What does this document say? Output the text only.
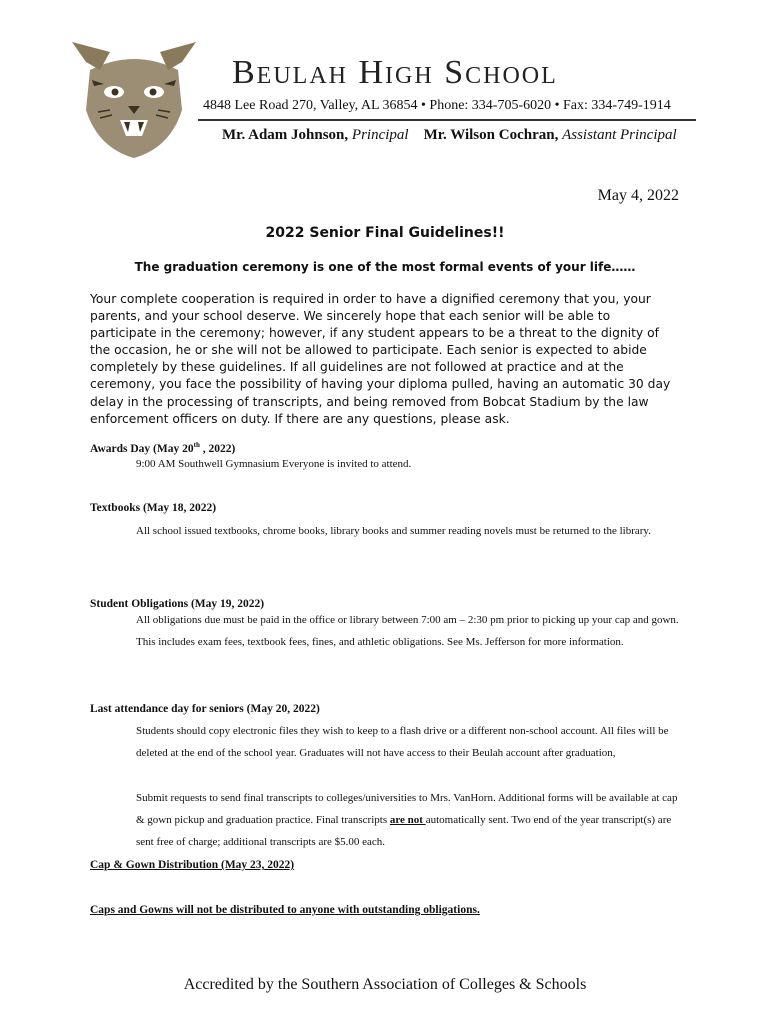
Beulah High School
4848 Lee Road 270, Valley, AL 36854 • Phone: 334-705-6020 • Fax: 334-749-1914
Mr. Adam Johnson, Principal Mr. Wilson Cochran, Assistant Principal
May 4, 2022
2022 Senior Final Guidelines!!
The graduation ceremony is one of the most formal events of your life……
Your complete cooperation is required in order to have a dignified ceremony that you, your parents, and your school deserve. We sincerely hope that each senior will be able to participate in the ceremony; however, if any student appears to be a threat to the dignity of the occasion, he or she will not be allowed to participate. Each senior is expected to abide completely by these guidelines. If all guidelines are not followed at practice and at the ceremony, you face the possibility of having your diploma pulled, having an automatic 30 day delay in the processing of transcripts, and being removed from Bobcat Stadium by the law enforcement officers on duty. If there are any questions, please ask.
Awards Day (May 20th , 2022)
9:00 AM Southwell Gymnasium Everyone is invited to attend.
Textbooks (May 18, 2022)
All school issued textbooks, chrome books, library books and summer reading novels must be returned to the library.
Student Obligations (May 19, 2022)
All obligations due must be paid in the office or library between 7:00 am – 2:30 pm prior to picking up your cap and gown. This includes exam fees, textbook fees, fines, and athletic obligations. See Ms. Jefferson for more information.
Last attendance day for seniors (May 20, 2022)
Students should copy electronic files they wish to keep to a flash drive or a different non-school account. All files will be deleted at the end of the school year. Graduates will not have access to their Beulah account after graduation,
Submit requests to send final transcripts to colleges/universities to Mrs. VanHorn. Additional forms will be available at cap & gown pickup and graduation practice. Final transcripts are not automatically sent. Two end of the year transcript(s) are sent free of charge; additional transcripts are $5.00 each.
Cap & Gown Distribution (May 23, 2022)
Caps and Gowns will not be distributed to anyone with outstanding obligations.
Accredited by the Southern Association of Colleges & Schools
